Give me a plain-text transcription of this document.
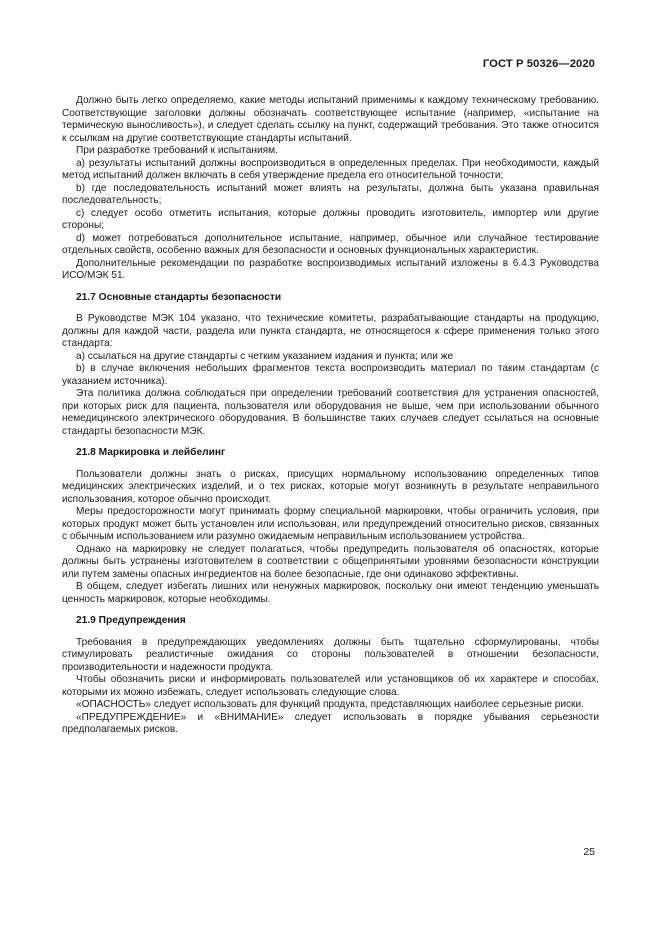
ГОСТ Р 50326—2020

Должно быть легко определяемо, какие методы испытаний применимы к каждому техническому требованию. Соответствующие заголовки должны обозначать соответствующее испытание (например, «испытание на термическую выносливость»), и следует сделать ссылку на пункт, содержащий требования. Это также относится к ссылкам на другие соответствующие стандарты испытаний.

При разработке требований к испытаниям.

а) результаты испытаний должны воспроизводиться в определенных пределах. При необходимости, каждый метод испытаний должен включать в себя утверждение предела его относительной точности;

b) где последовательность испытаний может влиять на результаты, должна быть указана правильная последовательность;

c) следует особо отметить испытания, которые должны проводить изготовитель, импортер или другие стороны;

d) может потребоваться дополнительное испытание, например, обычное или случайное тестирование отдельных свойств, особенно важных для безопасности и основных функциональных характеристик.

Дополнительные рекомендации по разработке воспроизводимых испытаний изложены в 6.4.3 Руководства ИСО/МЭК 51.

21.7 Основные стандарты безопасности

В Руководстве МЭК 104 указано, что технические комитеты, разрабатывающие стандарты на продукцию, должны для каждой части, раздела или пункта стандарта, не относящегося к сфере применения только этого стандарта:

а) ссылаться на другие стандарты с четким указанием издания и пункта; или же

b) в случае включения небольших фрагментов текста воспроизводить материал по таким стандартам (с указанием источника).

Эта политика должна соблюдаться при определении требований соответствия для устранения опасностей, при которых риск для пациента, пользователя или оборудования не выше, чем при использовании обычного немедицинского электрического оборудования. В большинстве таких случаев следует ссылаться на основные стандарты безопасности МЭК.

21.8 Маркировка и лейбелинг

Пользователи должны знать о рисках, присущих нормальному использованию определенных типов медицинских электрических изделий, и о тех рисках, которые могут возникнуть в результате неправильного использования, которое обычно происходит.

Меры предосторожности могут принимать форму специальной маркировки, чтобы ограничить условия, при которых продукт может быть установлен или использован, или предупреждений относительно рисков, связанных с обычным использованием или разумно ожидаемым неправильным использованием устройства.

Однако на маркировку не следует полагаться, чтобы предупредить пользователя об опасностях, которые должны быть устранены изготовителем в соответствии с общепринятыми уровнями безопасности конструкции или путем замены опасных ингредиентов на более безопасные, где они одинаково эффективны.

В общем, следует избегать лишних или ненужных маркировок, поскольку они имеют тенденцию уменьшать ценность маркировок, которые необходимы.

21.9 Предупреждения

Требования в предупреждающих уведомлениях должны быть тщательно сформулированы, чтобы стимулировать реалистичные ожидания со стороны пользователей в отношении безопасности, производительности и надежности продукта.

Чтобы обозначить риски и информировать пользователей или установщиков об их характере и способах, которыми их можно избежать, следует использовать следующие слова.

«ОПАСНОСТЬ» следует использовать для функций продукта, представляющих наиболее серьезные риски.

«ПРЕДУПРЕЖДЕНИЕ» и «ВНИМАНИЕ» следует использовать в порядке убывания серьезности предполагаемых рисков.

25
